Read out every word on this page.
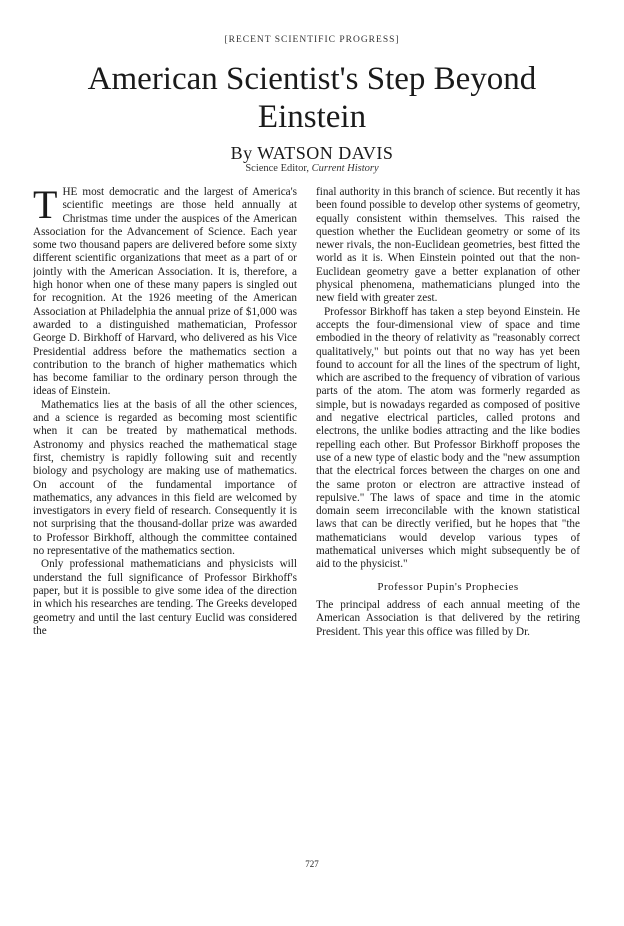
[RECENT SCIENTIFIC PROGRESS]
American Scientist's Step Beyond Einstein
By WATSON DAVIS
Science Editor, Current History

THE most democratic and the largest of America's scientific meetings are those held annually at Christmas time under the auspices of the American Association for the Advancement of Science. Each year some two thousand papers are delivered before some sixty different scientific organizations that meet as a part of or jointly with the American Association. It is, therefore, a high honor when one of these many papers is singled out for recognition. At the 1926 meeting of the American Association at Philadelphia the annual prize of $1,000 was awarded to a distinguished mathematician, Professor George D. Birkhoff of Harvard, who delivered as his Vice Presidential address before the mathematics section a contribution to the branch of higher mathematics which has become familiar to the ordinary person through the ideas of Einstein.

Mathematics lies at the basis of all the other sciences, and a science is regarded as becoming most scientific when it can be treated by mathematical methods. Astronomy and physics reached the mathematical stage first, chemistry is rapidly following suit and recently biology and psychology are making use of mathematics. On account of the fundamental importance of mathematics, any advances in this field are welcomed by investigators in every field of research. Consequently it is not surprising that the thousand-dollar prize was awarded to Professor Birkhoff, although the committee contained no representative of the mathematics section.

Only professional mathematicians and physicists will understand the full significance of Professor Birkhoff's paper, but it is possible to give some idea of the direction in which his researches are tending. The Greeks developed geometry and until the last century Euclid was considered the

final authority in this branch of science. But recently it has been found possible to develop other systems of geometry, equally consistent within themselves. This raised the question whether the Euclidean geometry or some of its newer rivals, the non-Euclidean geometries, best fitted the world as it is. When Einstein pointed out that the non-Euclidean geometry gave a better explanation of other physical phenomena, mathematicians plunged into the new field with greater zest.

Professor Birkhoff has taken a step beyond Einstein. He accepts the four-dimensional view of space and time embodied in the theory of relativity as "reasonably correct qualitatively," but points out that no way has yet been found to account for all the lines of the spectrum of light, which are ascribed to the frequency of vibration of various parts of the atom. The atom was formerly regarded as simple, but is nowadays regarded as composed of positive and negative electrical particles, called protons and electrons, the unlike bodies attracting and the like bodies repelling each other. But Professor Birkhoff proposes the use of a new type of elastic body and the "new assumption that the electrical forces between the charges on one and the same proton or electron are attractive instead of repulsive." The laws of space and time in the atomic domain seem irreconcilable with the known statistical laws that can be directly verified, but he hopes that "the mathematicians would develop various types of mathematical universes which might subsequently be of aid to the physicist."

Professor Pupin's Prophecies

The principal address of each annual meeting of the American Association is that delivered by the retiring President. This year this office was filled by Dr.

727
